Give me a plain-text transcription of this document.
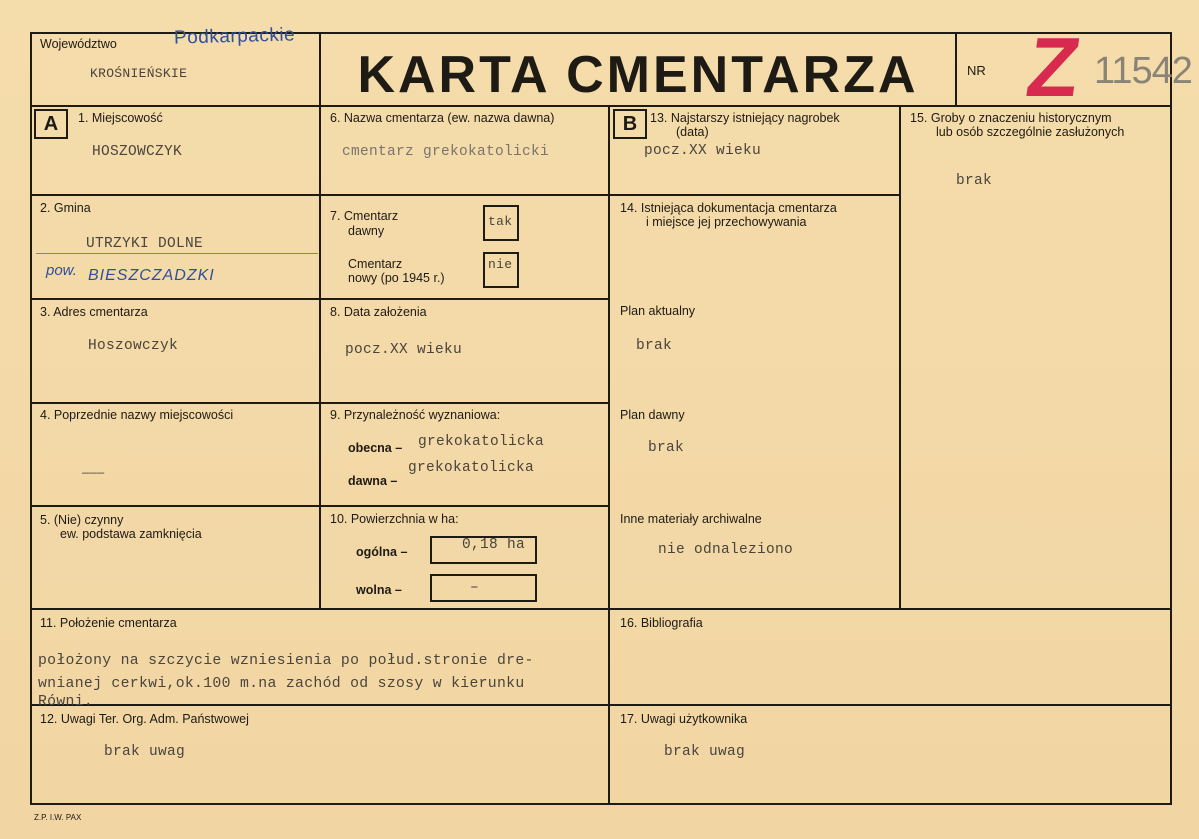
Województwo	Podkarpackie
KROŚNIEŃSKIE	KARTA CMENTARZA	NR Z 11542
A	1. Miejscowość
HOSZOWCZYK
2. Gmina
UTRZYKI DOLNE
pow. BIESZCZADZKI
3. Adres cmentarza
Hoszowczyk
4. Poprzednie nazwy miejscowości
———
5. (Nie) czynny
ew. podstawa zamknięcia
6. Nazwa cmentarza (ew. nazwa dawna)
cmentarz grekokatolicki
7. Cmentarz
dawny
tak
Cmentarz
nowy (po 1945 r.)
nie
8. Data założenia
pocz.XX wieku
9. Przynależność wyznaniowa:
obecna – grekokatolicka
dawna –
grekokatolicka
10. Powierzchnia w ha:
ogólna –	0,18 ha
wolna –	–
B	13. Najstarszy istniejący nagrobek
(data)
pocz.XX wieku
14. Istniejąca dokumentacja cmentarza
i miejsce jej przechowywania
Plan aktualny
brak
Plan dawny
brak
Inne materiały archiwalne
nie odnaleziono
15. Groby o znaczeniu historycznym
lub osób szczególnie zasłużonych
brak
11. Położenie cmentarza
położony na szczycie wzniesienia po połud.stronie dre-
wnianej cerkwi,ok.100 m.na zachód od szosy w kierunku
Równi.
12. Uwagi Ter. Org. Adm. Państwowej
brak uwag
16. Bibliografia
17. Uwagi użytkownika
brak uwag
Z.P. I.W. PAX
